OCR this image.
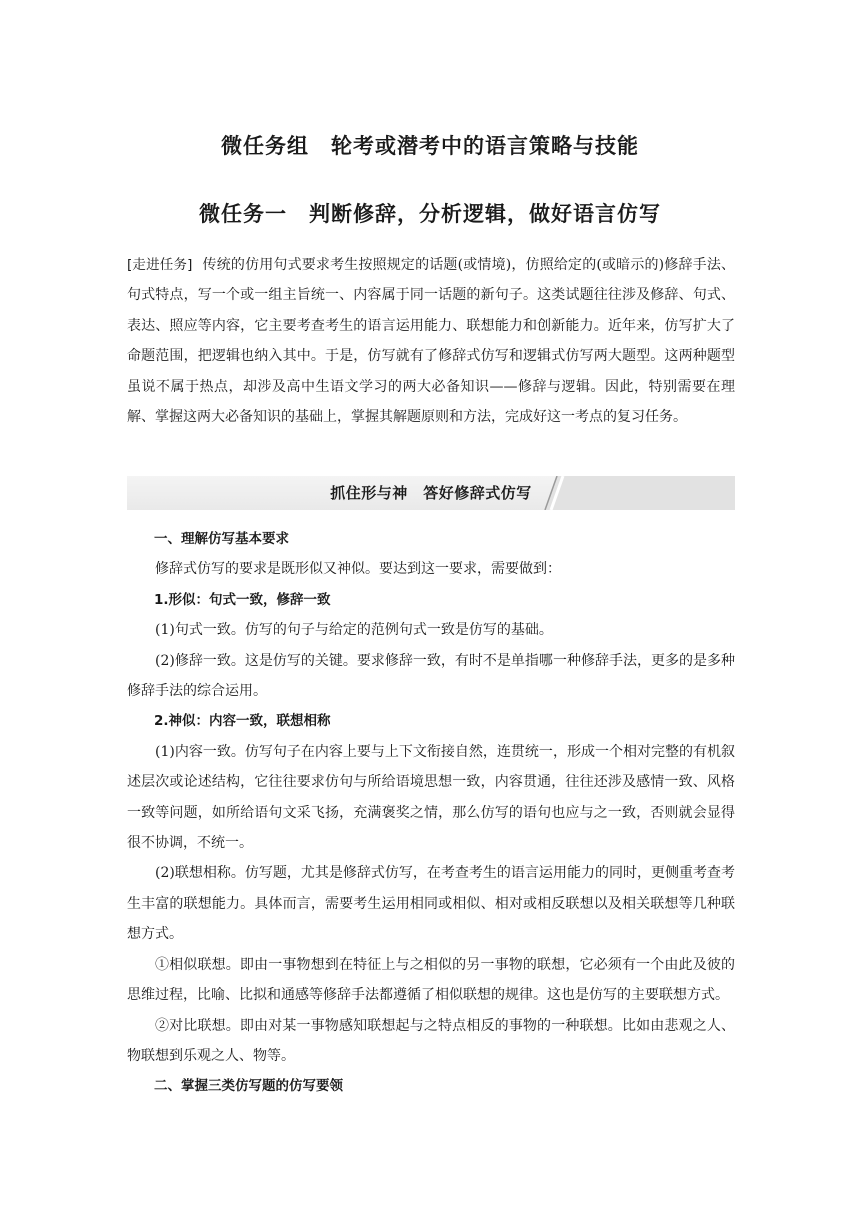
微任务组　轮考或潜考中的语言策略与技能
微任务一　判断修辞，分析逻辑，做好语言仿写
[走进任务] 传统的仿用句式要求考生按照规定的话题(或情境)，仿照给定的(或暗示的)修辞手法、句式特点，写一个或一组主旨统一、内容属于同一话题的新句子。这类试题往往涉及修辞、句式、表达、照应等内容，它主要考查考生的语言运用能力、联想能力和创新能力。近年来，仿写扩大了命题范围，把逻辑也纳入其中。于是，仿写就有了修辞式仿写和逻辑式仿写两大题型。这两种题型虽说不属于热点，却涉及高中生语文学习的两大必备知识——修辞与逻辑。因此，特别需要在理解、掌握这两大必备知识的基础上，掌握其解题原则和方法，完成好这一考点的复习任务。
抓住形与神　答好修辞式仿写

一、理解仿写基本要求

修辞式仿写的要求是既形似又神似。要达到这一要求，需要做到：

1.形似：句式一致，修辞一致

(1)句式一致。仿写的句子与给定的范例句式一致是仿写的基础。

(2)修辞一致。这是仿写的关键。要求修辞一致，有时不是单指哪一种修辞手法，更多的是多种修辞手法的综合运用。

2.神似：内容一致，联想相称

(1)内容一致。仿写句子在内容上要与上下文衔接自然，连贯统一，形成一个相对完整的有机叙述层次或论述结构，它往往要求仿句与所给语境思想一致，内容贯通，往往还涉及感情一致、风格一致等问题，如所给语句文采飞扬，充满褒奖之情，那么仿写的语句也应与之一致，否则就会显得很不协调，不统一。

(2)联想相称。仿写题，尤其是修辞式仿写，在考查考生的语言运用能力的同时，更侧重考查考生丰富的联想能力。具体而言，需要考生运用相同或相似、相对或相反联想以及相关联想等几种联想方式。

①相似联想。即由一事物想到在特征上与之相似的另一事物的联想，它必须有一个由此及彼的思维过程，比喻、比拟和通感等修辞手法都遵循了相似联想的规律。这也是仿写的主要联想方式。

②对比联想。即由对某一事物感知联想起与之特点相反的事物的一种联想。比如由悲观之人、物联想到乐观之人、物等。

二、掌握三类仿写题的仿写要领
